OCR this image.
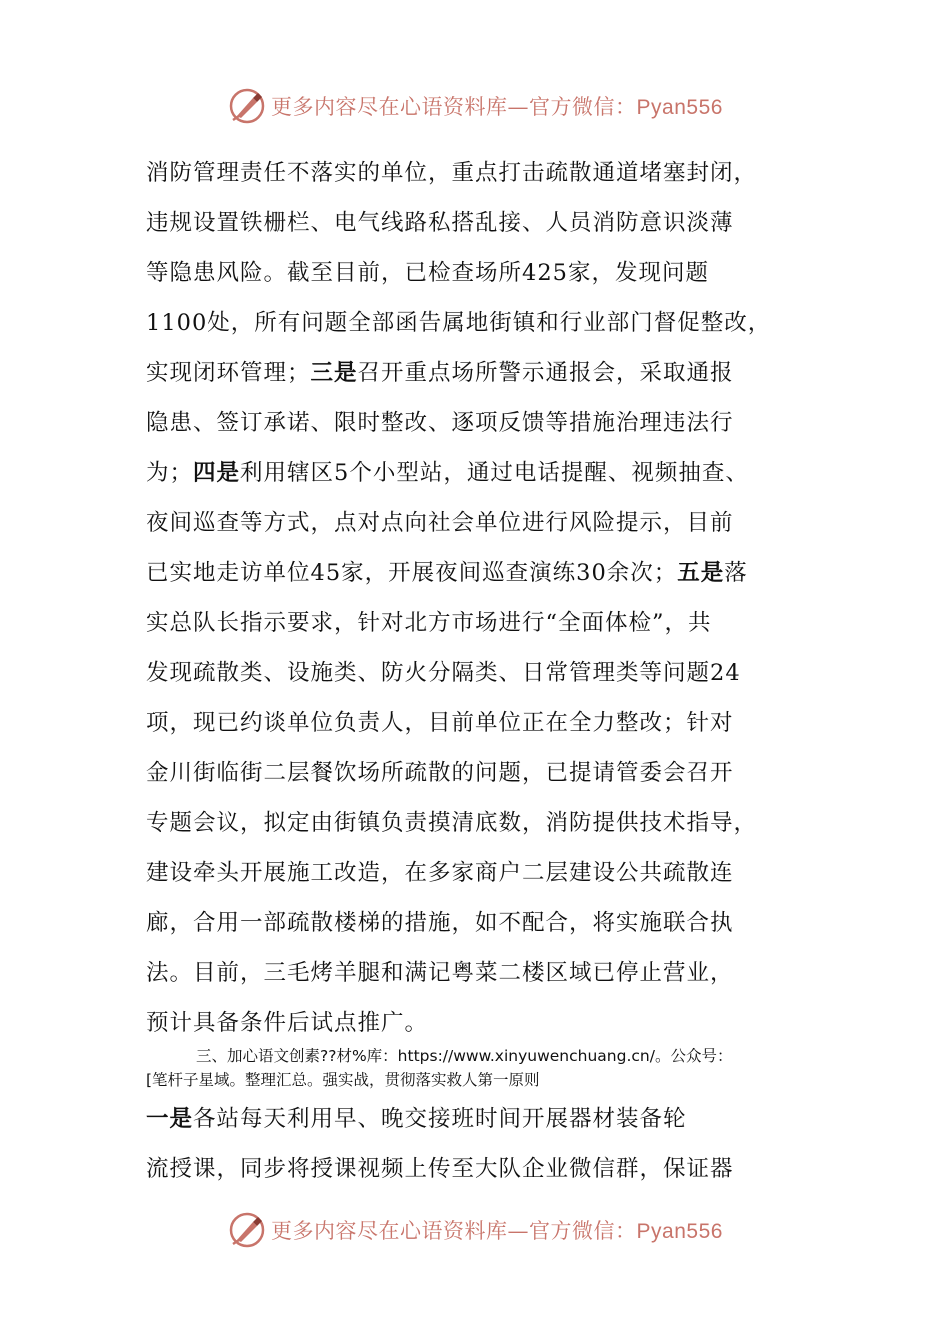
更多内容尽在心语资料库—官方微信：Pyan556
消防管理责任不落实的单位，重点打击疏散通道堵塞封闭，
违规设置铁栅栏、电气线路私搭乱接、人员消防意识淡薄
等隐患风险。截至目前，已检查场所425家，发现问题
1100处，所有问题全部函告属地街镇和行业部门督促整改，
实现闭环管理；三是召开重点场所警示通报会，采取通报
隐患、签订承诺、限时整改、逐项反馈等措施治理违法行
为；四是利用辖区5个小型站，通过电话提醒、视频抽查、
夜间巡查等方式，点对点向社会单位进行风险提示，目前
已实地走访单位45家，开展夜间巡查演练30余次；五是落
实总队长指示要求，针对北方市场进行“全面体检”，共
发现疏散类、设施类、防火分隔类、日常管理类等问题24
项，现已约谈单位负责人，目前单位正在全力整改；针对
金川街临街二层餐饮场所疏散的问题，已提请管委会召开
专题会议，拟定由街镇负责摸清底数，消防提供技术指导，
建设牵头开展施工改造，在多家商户二层建设公共疏散连
廊，合用一部疏散楼梯的措施，如不配合，将实施联合执
法。目前，三毛烤羊腿和满记粤菜二楼区域已停止营业，
预计具备条件后试点推广。
三、加心语文创素??材%库：https://www.xinyuwenchuang.cn/。公众号：
[笔杆子星域。整理汇总。强实战，贯彻落实救人第一原则
一是各站每天利用早、晚交接班时间开展器材装备轮
流授课，同步将授课视频上传至大队企业微信群，保证器
更多内容尽在心语资料库—官方微信：Pyan556
